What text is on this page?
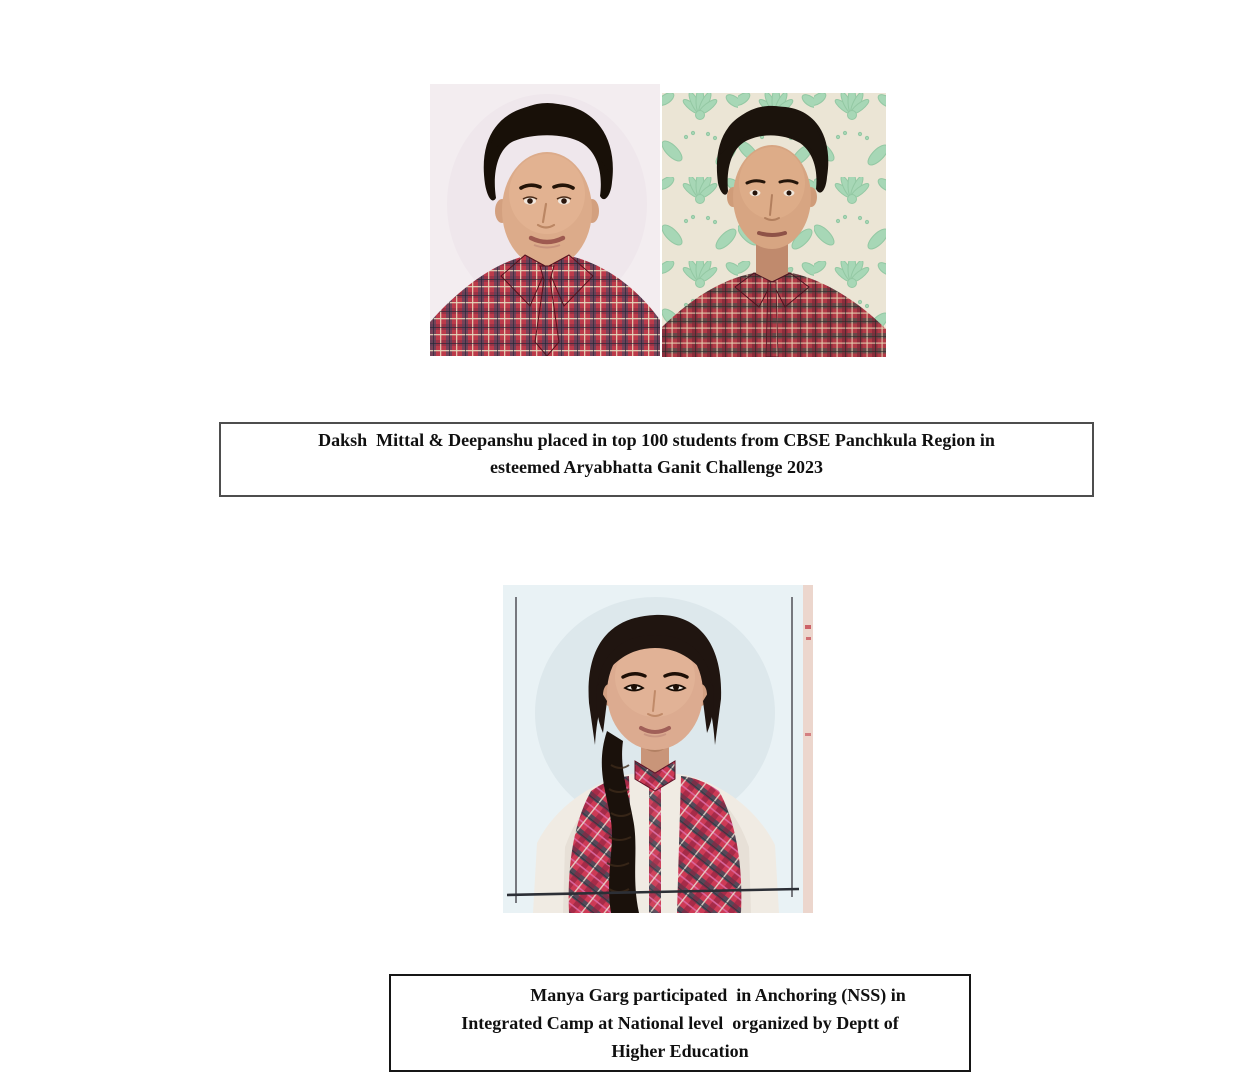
Daksh  Mittal & Deepanshu placed in top 100 students from CBSE Panchkula Region in
esteemed Aryabhatta Ganit Challenge 2023
Manya Garg participated  in Anchoring (NSS) in
Integrated Camp at National level  organized by Deptt of
Higher Education
